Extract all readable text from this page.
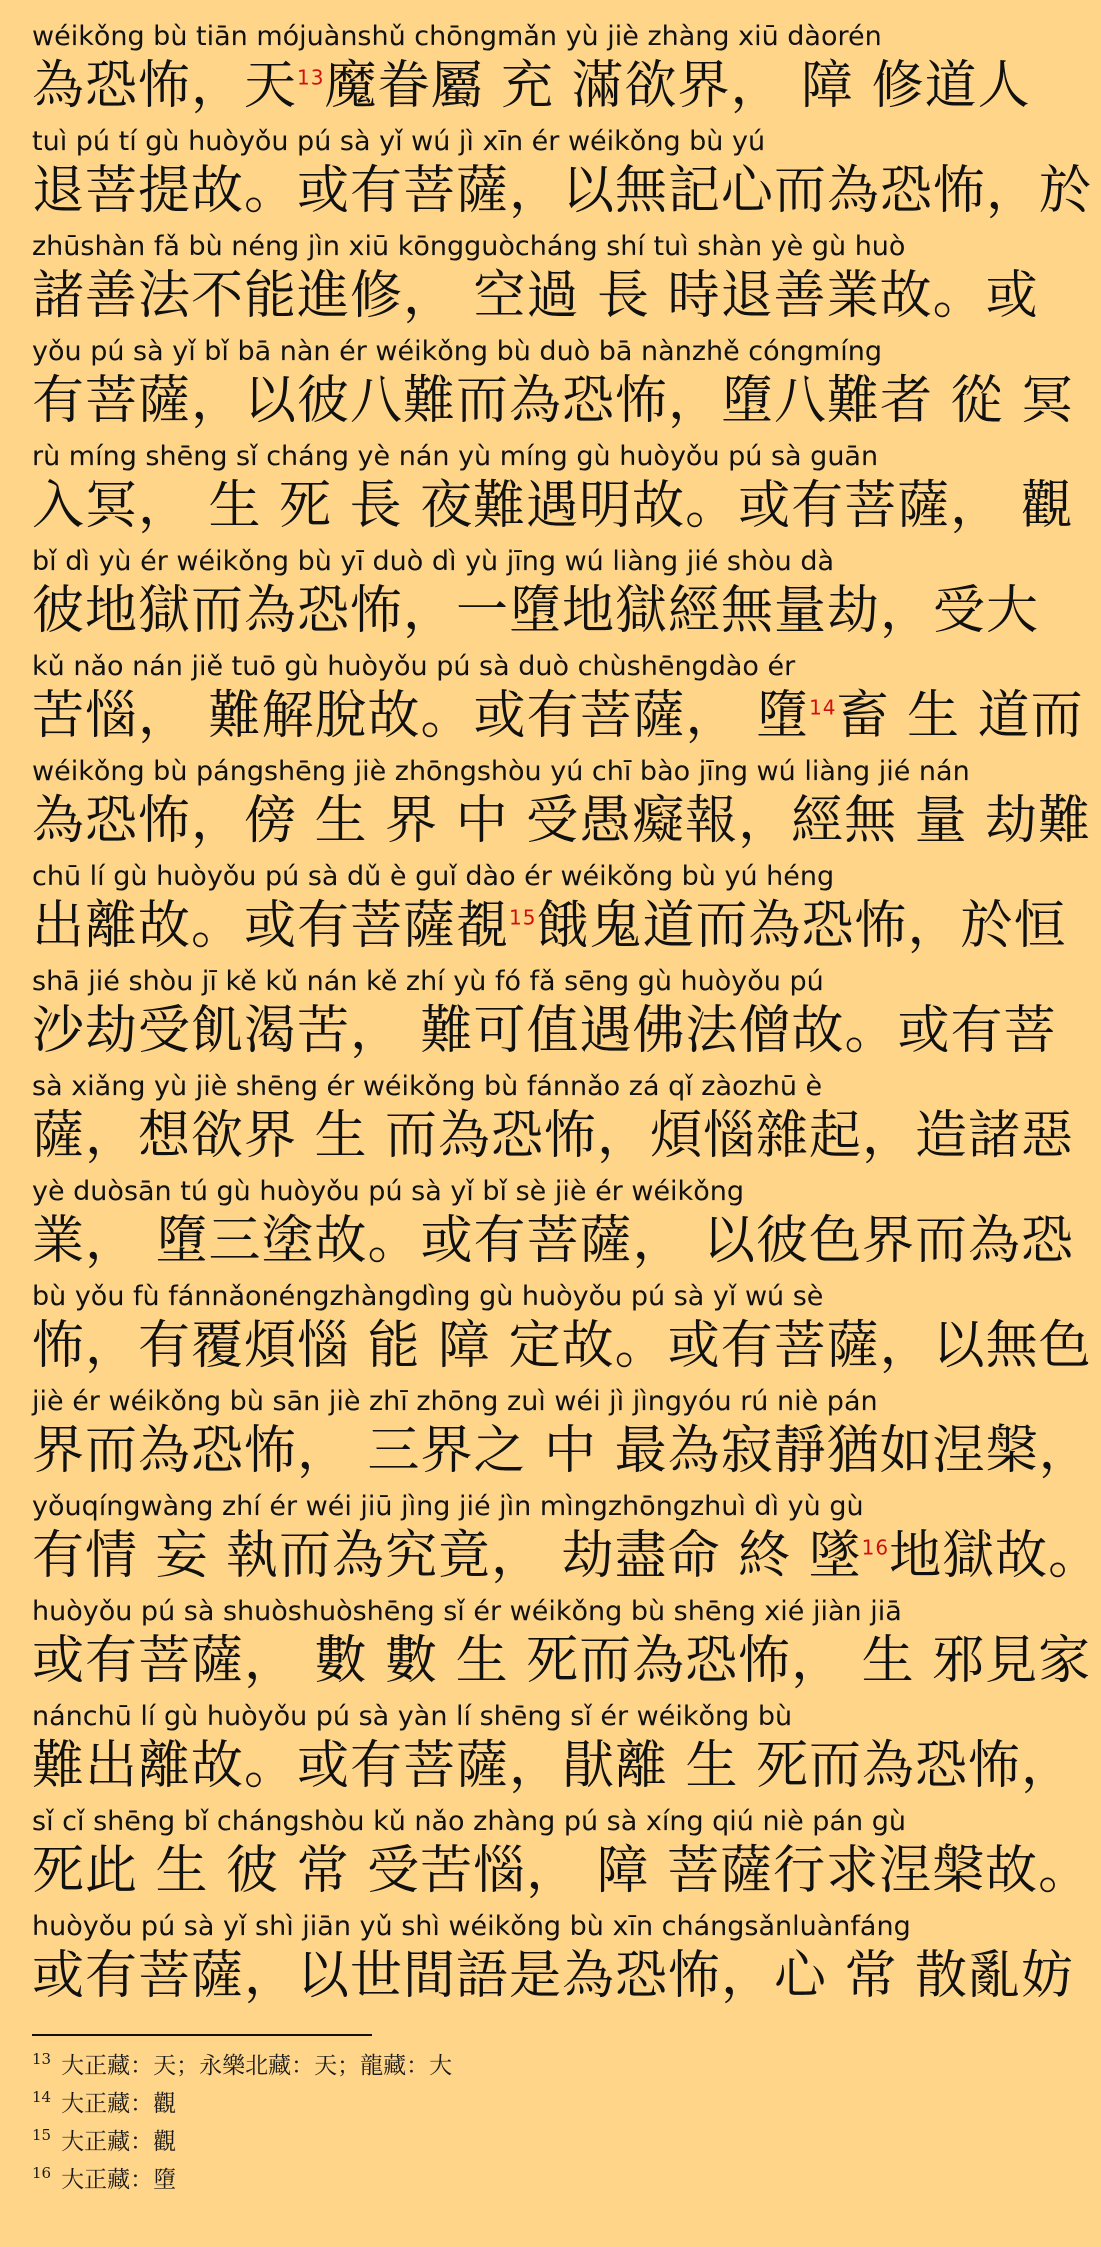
wéikǒng bù tiān mójuànshǔ chōngmǎn yù jiè zhàng xiū dàorén
為恐怖，天$^{13}$魔眷屬 充 滿欲界， 障 修道人
tuì pú tí gù huòyǒu pú sà yǐ wú jì xīn ér wéikǒng bù yú
退菩提故。或有菩薩，以無記心而為恐怖，於
zhūshàn fǎ bù néng jìn xiū kōngguòcháng shí tuì shàn yè gù huò
諸善法不能進修， 空過 長 時退善業故。或
yǒu pú sà yǐ bǐ bā nàn ér wéikǒng bù duò bā nànzhě cóngmíng
有菩薩，以彼八難而為恐怖，墮八難者 從 冥
rù míng shēng sǐ cháng yè nán yù míng gù huòyǒu pú sà guān
入冥， 生 死 長 夜難遇明故。或有菩薩， 觀
bǐ dì yù ér wéikǒng bù yī duò dì yù jīng wú liàng jié shòu dà
彼地獄而為恐怖，一墮地獄經無量劫，受大
kǔ nǎo nán jiě tuō gù huòyǒu pú sà duò chùshēngdào ér
苦惱， 難解脫故。或有菩薩， 墮$^{14}$畜 生 道而
wéikǒng bù pángshēng jiè zhōngshòu yú chī bào jīng wú liàng jié nán
為恐怖，傍 生 界 中 受愚癡報，經無 量 劫難
chū lí gù huòyǒu pú sà dǔ è guǐ dào ér wéikǒng bù yú héng
出離故。或有菩薩覩$^{15}$餓鬼道而為恐怖，於恒
shā jié shòu jī kě kǔ nán kě zhí yù fó fǎ sēng gù huòyǒu pú
沙劫受飢渴苦， 難可值遇佛法僧故。或有菩
sà xiǎng yù jiè shēng ér wéikǒng bù fánnǎo zá qǐ zàozhū è
薩，想欲界 生 而為恐怖，煩惱雜起，造諸惡
yè duòsān tú gù huòyǒu pú sà yǐ bǐ sè jiè ér wéikǒng
業， 墮三塗故。或有菩薩， 以彼色界而為恐
bù yǒu fù fánnǎonéngzhàngdìng gù huòyǒu pú sà yǐ wú sè
怖，有覆煩惱 能 障 定故。或有菩薩，以無色
jiè ér wéikǒng bù sān jiè zhī zhōng zuì wéi jì jìngyóu rú niè pán
界而為恐怖， 三界之 中 最為寂靜猶如涅槃，
yǒuqíngwàng zhí ér wéi jiū jìng jié jìn mìngzhōngzhuì dì yù gù
有情 妄 執而為究竟， 劫盡命 終 墜$^{16}$地獄故。
huòyǒu pú sà shuòshuòshēng sǐ ér wéikǒng bù shēng xié jiàn jiā
或有菩薩， 數 數 生 死而為恐怖， 生 邪見家
nánchū lí gù huòyǒu pú sà yàn lí shēng sǐ ér wéikǒng bù
難出離故。或有菩薩，猒離 生 死而為恐怖，
sǐ cǐ shēng bǐ chángshòu kǔ nǎo zhàng pú sà xíng qiú niè pán gù
死此 生 彼 常 受苦惱， 障 菩薩行求涅槃故。
huòyǒu pú sà yǐ shì jiān yǔ shì wéikǒng bù xīn chángsǎnluànfáng
或有菩薩，以世間語是為恐怖，心 常 散亂妨
$^{13}$ 大正藏：天；永樂北藏：天；龍藏：大
$^{14}$ 大正藏：觀
$^{15}$ 大正藏：觀
$^{16}$ 大正藏：墮
